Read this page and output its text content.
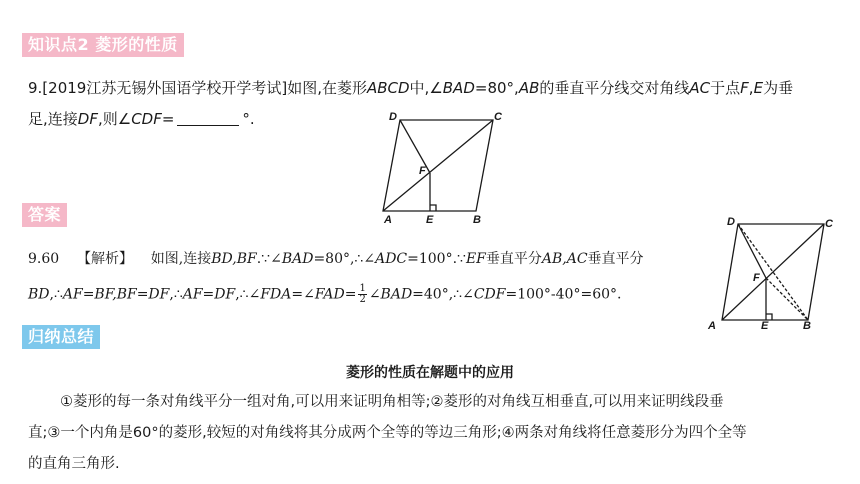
知识点2 菱形的性质
9.[2019江苏无锡外国语学校开学考试]如图,在菱形ABCD中,∠BAD=80°,AB的垂直平分线交对角线AC于点F,E为垂
足,连接DF,则∠CDF=	°.	D	C
F
A	E	B
答案
9.60 【解析】 如图,连接BD,BF.∵∠BAD=80°,∴∠ADC=100°.∵EF垂直平分AB,AC垂直平分
BD,∴AF=BF,BF=DF,∴AF=DF,∴∠FDA=∠FAD= $\frac{1}{2}$ ∠BAD=40°,∴∠CDF=100°-40°=60°.
D	C
F
A	E	B
归纳总结
菱形的性质在解题中的应用
①菱形的每一条对角线平分一组对角,可以用来证明角相等;②菱形的对角线互相垂直,可以用来证明线段垂
直;③一个内角是60°的菱形,较短的对角线将其分成两个全等的等边三角形;④两条对角线将任意菱形分为四个全等
的直角三角形.
